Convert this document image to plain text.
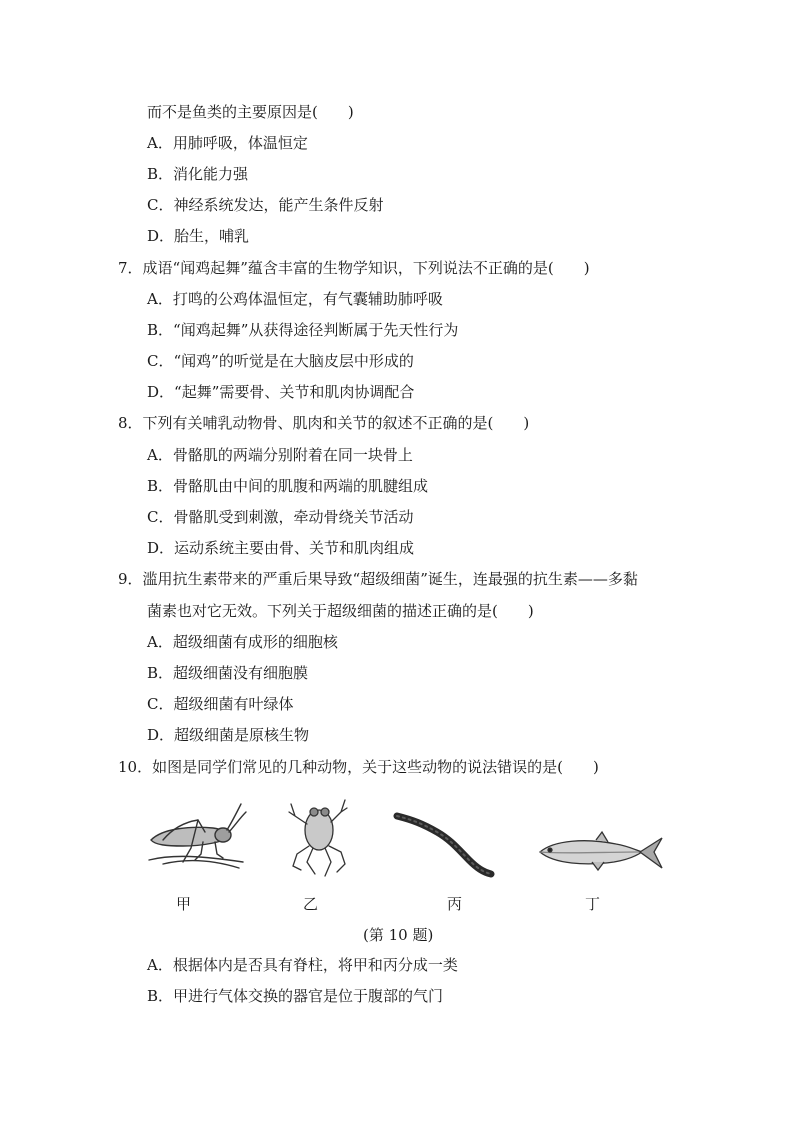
而不是鱼类的主要原因是(　　)
A．用肺呼吸，体温恒定
B．消化能力强
C．神经系统发达，能产生条件反射
D．胎生，哺乳
7．成语“闻鸡起舞”蕴含丰富的生物学知识，下列说法不正确的是(　　)
A．打鸣的公鸡体温恒定，有气囊辅助肺呼吸
B．“闻鸡起舞”从获得途径判断属于先天性行为
C．“闻鸡”的听觉是在大脑皮层中形成的
D．“起舞”需要骨、关节和肌肉协调配合
8．下列有关哺乳动物骨、肌肉和关节的叙述不正确的是(　　)
A．骨骼肌的两端分别附着在同一块骨上
B．骨骼肌由中间的肌腹和两端的肌腱组成
C．骨骼肌受到刺激，牵动骨绕关节活动
D．运动系统主要由骨、关节和肌肉组成
9．滥用抗生素带来的严重后果导致“超级细菌”诞生，连最强的抗生素——多黏
菌素也对它无效。下列关于超级细菌的描述正确的是(　　)
A．超级细菌有成形的细胞核
B．超级细菌没有细胞膜
C．超级细菌有叶绿体
D．超级细菌是原核生物
10．如图是同学们常见的几种动物，关于这些动物的说法错误的是(　　)
甲	乙	丙	丁
(第 10 题)
A．根据体内是否具有脊柱，将甲和丙分成一类
B．甲进行气体交换的器官是位于腹部的气门
